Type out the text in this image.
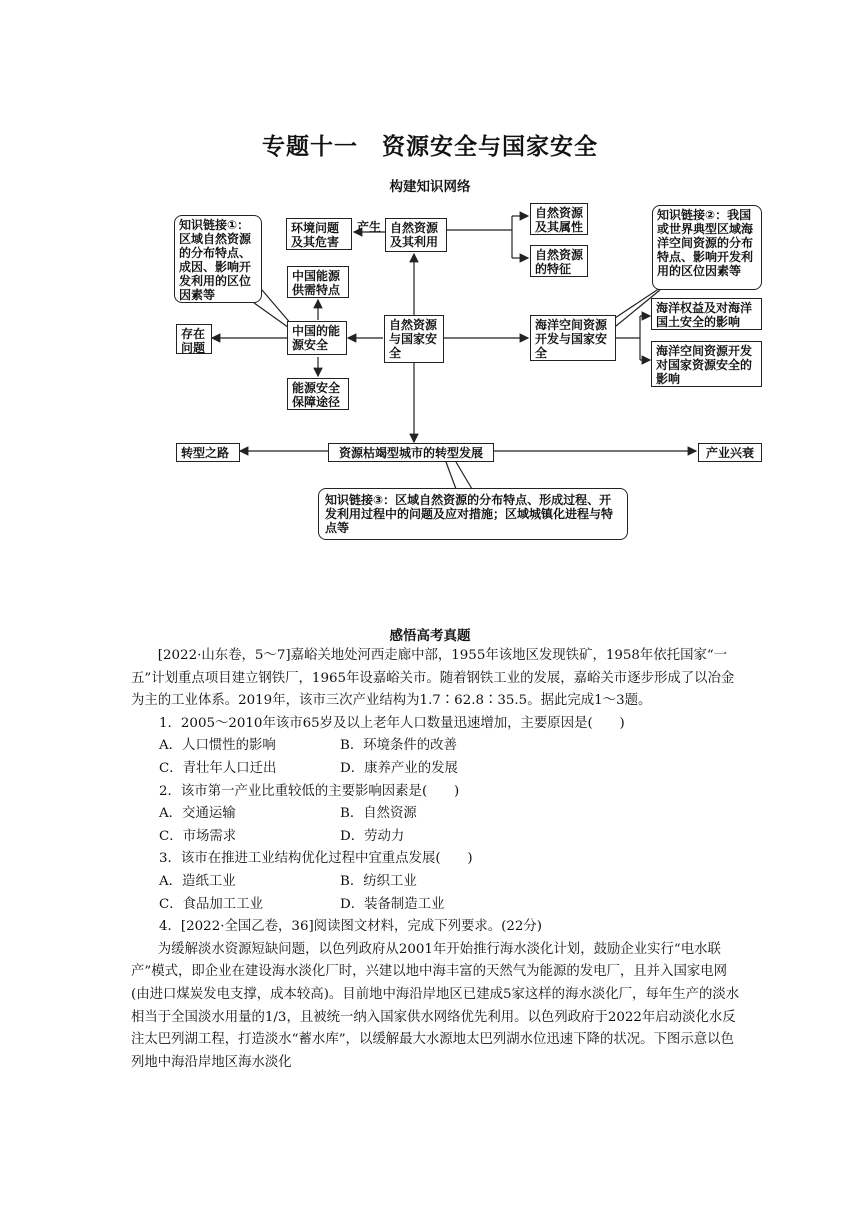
专题十一　资源安全与国家安全
构建知识网络
知识链接①：区域自然资源的分布特点、成因、影响开发利用的区位因素等
环境问题及其危害
产生 自然资源及其利用
自然资源及其属性
自然资源的特征
知识链接②：我国或世界典型区域海洋空间资源的分布特点、影响开发利用的区位因素等
中国能源供需特点
存在问题
中国的能源安全
自然资源与国家安全
海洋空间资源开发与国家安全
海洋权益及对海洋国土安全的影响
海洋空间资源开发对国家资源安全的影响
能源安全保障途径
转型之路	资源枯竭型城市的转型发展	产业兴衰
知识链接③：区域自然资源的分布特点、形成过程、开发利用过程中的问题及应对措施；区域城镇化进程与特点等
感悟高考真题

[2022·山东卷，5～7]嘉峪关地处河西走廊中部，1955年该地区发现铁矿，1958年依托国家“一五”计划重点项目建立钢铁厂，1965年设嘉峪关市。随着钢铁工业的发展，嘉峪关市逐步形成了以冶金为主的工业体系。2019年，该市三次产业结构为1.7∶62.8∶35.5。据此完成1～3题。

1．2005～2010年该市65岁及以上老年人口数量迅速增加，主要原因是(　　)

A．人口惯性的影响	B．环境条件的改善
C．青壮年人口迁出	D．康养产业的发展

2．该市第一产业比重较低的主要影响因素是(　　)

A．交通运输	B．自然资源
C．市场需求	D．劳动力

3．该市在推进工业结构优化过程中宜重点发展(　　)

A．造纸工业	B．纺织工业
C．食品加工工业	D．装备制造工业

4．[2022·全国乙卷，36]阅读图文材料，完成下列要求。(22分)

为缓解淡水资源短缺问题，以色列政府从2001年开始推行海水淡化计划，鼓励企业实行“电水联产”模式，即企业在建设海水淡化厂时，兴建以地中海丰富的天然气为能源的发电厂，且并入国家电网(由进口煤炭发电支撑，成本较高)。目前地中海沿岸地区已建成5家这样的海水淡化厂，每年生产的淡水相当于全国淡水用量的1/3，且被统一纳入国家供水网络优先利用。以色列政府于2022年启动淡化水反注太巴列湖工程，打造淡水“蓄水库”，以缓解最大水源地太巴列湖水位迅速下降的状况。下图示意以色列地中海沿岸地区海水淡化
